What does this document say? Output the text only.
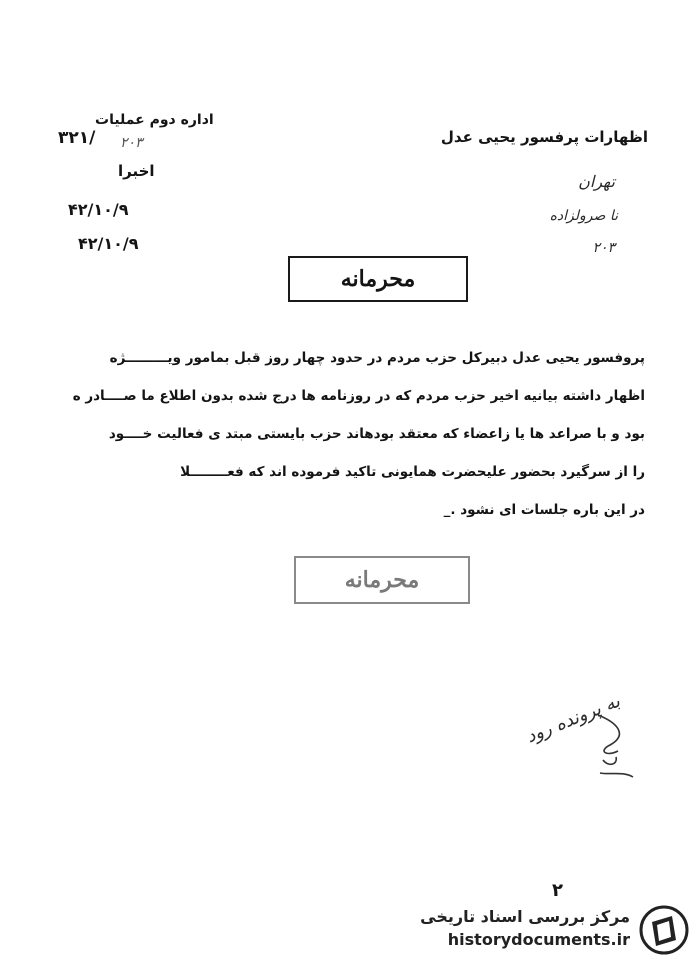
اداره دوم عملیات
۳۲۱/ ۲۰۳
اخبرا
۴۲/۱۰/۹
۴۲/۱۰/۹
اظهارات پرفسور یحیی عدل
تهران
نا صرولزاده
۲۰۳
محرمانه
پروفسور یحیی عدل دبیرکل حزب مردم در حدود چهار روز قبل بمامور ویـــــــــژه
اظهار داشته بیانیه اخیر حزب مردم که در روزنامه ها درج شده بدون اطلاع ما صــــادر ه
بود و با صراعد ها یا زاعضاء که معتقد بودهاند حزب بایستی مبتد ی فعالیت خــــود
را از سرگیرد بحضور علیحضرت همایونی تاکید فرموده اند که فعــــــــلا
در این باره جلسات ای نشود ._
محرمانه
به پرونده رود
۲
مرکز بررسی اسناد تاریخی
historydocuments.ir
